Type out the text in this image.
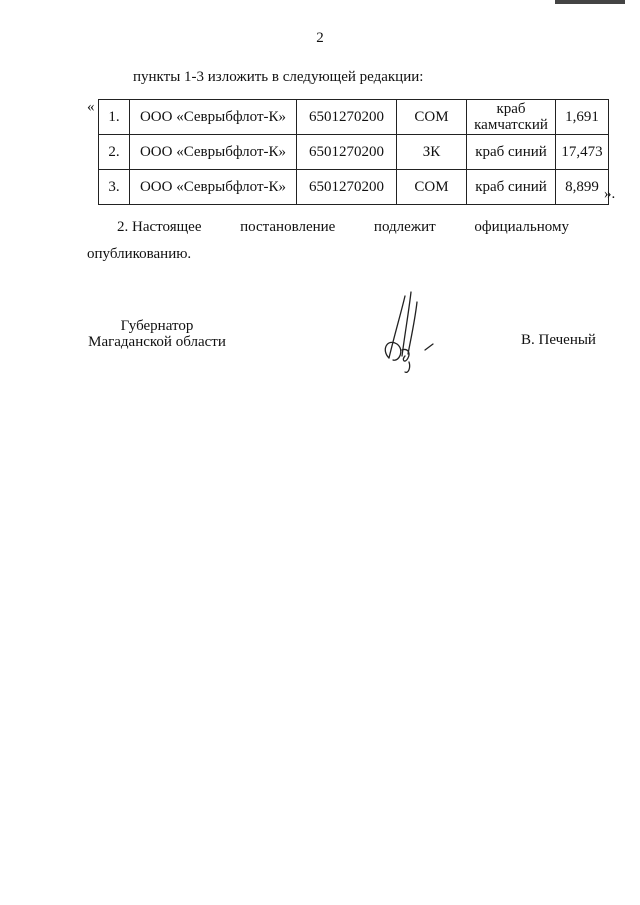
2
пункты 1-3 изложить в следующей редакции:
«
1.	ООО «Севрыбфлот-К»	6501270200	СОМ	краб камчатский	1,691
2.	ООО «Севрыбфлот-К»	6501270200	ЗК	краб синий	17,473
3.	ООО «Севрыбфлот-К»	6501270200	СОМ	краб синий	8,899 ».
2. Настоящее	постановление	подлежит	официальному
опубликованию.
Губернатор
Магаданской области	В. Печеный
